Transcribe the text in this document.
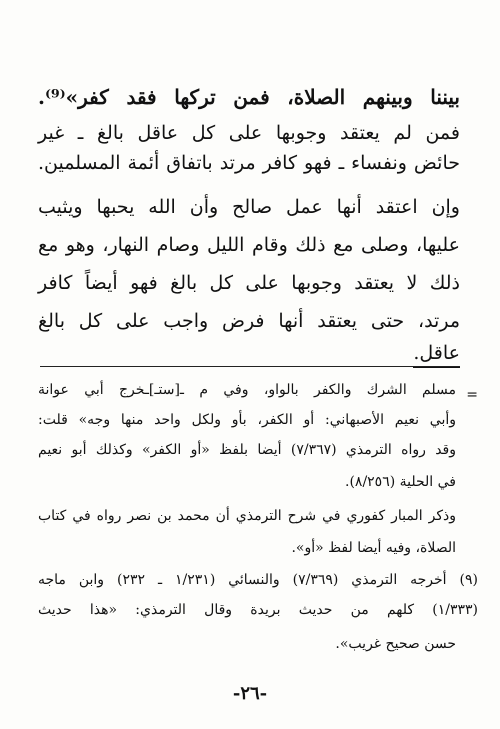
بيننا وبينهم الصلاة، فمن تركها فقد كفر»⁽⁹⁾.
فمن لم يعتقد وجوبها على كل عاقل بالغ ـ غير
حائض ونفساء ـ فهو كافر مرتد باتفاق أئمة المسلمين.
وإن اعتقد أنها عمل صالح وأن الله يحبها ويثيب
عليها، وصلى مع ذلك وقام الليل وصام النهار، وهو مع
ذلك لا يعتقد وجوبها على كل بالغ فهو أيضاً كافر
مرتد، حتى يعتقد أنها فرض واجب على كل بالغ
عاقل.
=
مسلم الشرك والكفر بالواو، وفي م ـ[ستـ]ـخرج أبي عوانة
وأبي نعيم الأصبهاني: أو الكفر، بأو ولكل واحد منها وجه» قلت:
وقد رواه الترمذي (٧/٣٦٧) أيضا بلفظ «أو الكفر» وكذلك أبو نعيم
في الحلية (٨/٢٥٦).
وذكر المبار كفوري في شرح الترمذي أن محمد بن نصر رواه في كتاب
الصلاة، وفيه أيضا لفظ «أو».
(٩) أخرجه الترمذي (٧/٣٦٩) والنسائي (١/٢٣١ ـ ٢٣٢) وابن ماجه
(١/٣٣٣) كلهم من حديث بريدة وقال الترمذي: «هذا حديث
حسن صحيح غريب».
-٢٦-
